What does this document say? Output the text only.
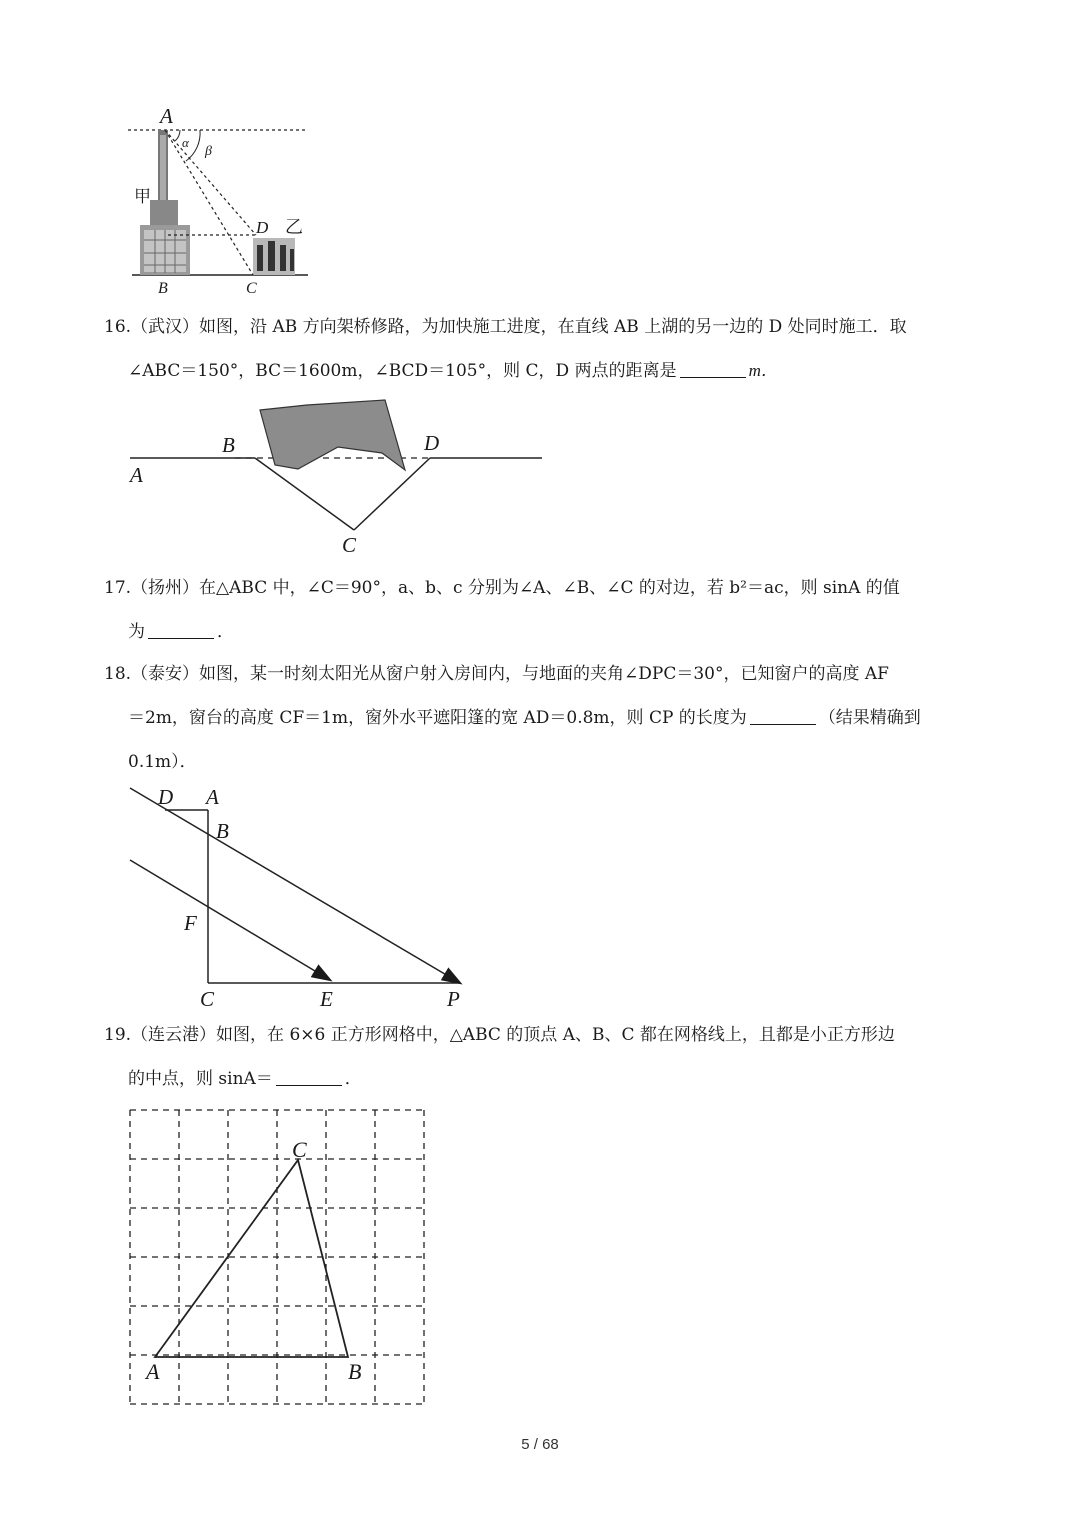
A
α
β
甲
D 乙
B	C
16.（武汉）如图，沿 AB 方向架桥修路，为加快施工进度，在直线 AB 上湖的另一边的 D 处同时施工．取
∠ABC＝150°，BC＝1600m，∠BCD＝105°，则 C，D 两点的距离是	m．
A
B	D
C
17.（扬州）在△ABC 中，∠C＝90°，a、b、c 分别为∠A、∠B、∠C 的对边，若 b²＝ac，则 sinA 的值
为	．
18.（泰安）如图，某一时刻太阳光从窗户射入房间内，与地面的夹角∠DPC＝30°，已知窗户的高度 AF
＝2m，窗台的高度 CF＝1m，窗外水平遮阳篷的宽 AD＝0.8m，则 CP 的长度为	（结果精确到
0.1m）．
D A
B
F
C	E	P
19.（连云港）如图，在 6×6 正方形网格中，△ABC 的顶点 A、B、C 都在网格线上，且都是小正方形边
的中点，则 sinA＝	．
C
A	B
5 / 68
